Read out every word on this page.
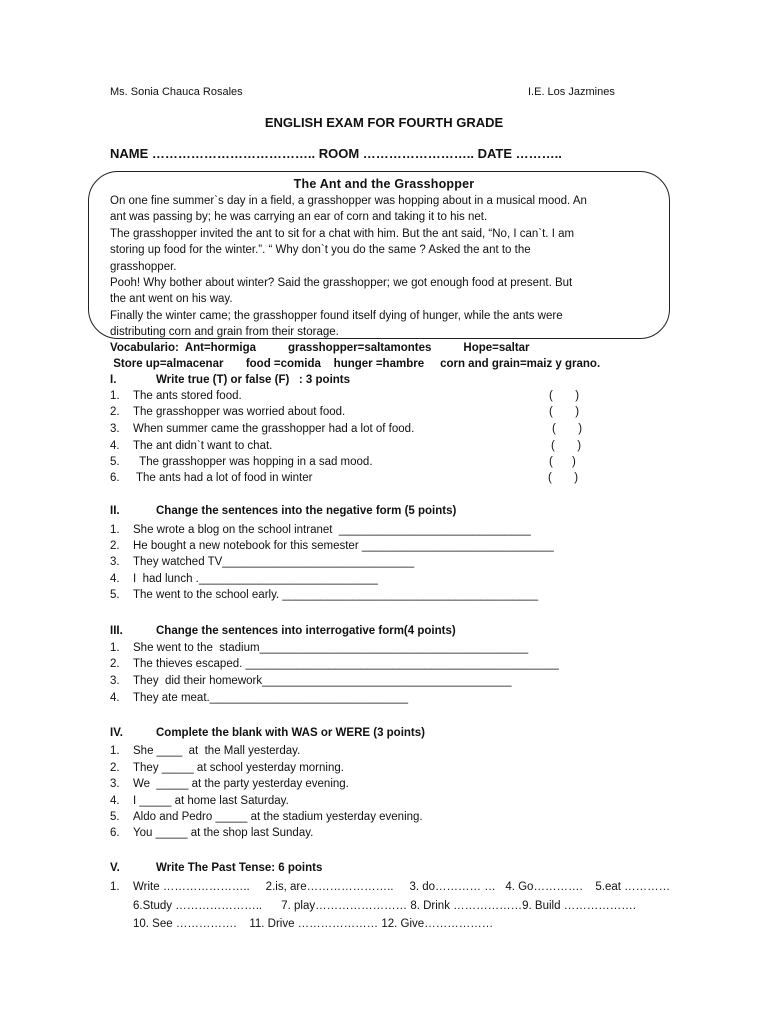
Ms. Sonia Chauca Rosales	I.E. Los Jazmines
ENGLISH EXAM FOR FOURTH GRADE
NAME ……………………………….. ROOM …………………….. DATE ………..
The Ant and the Grasshopper
On one fine summer`s day in a field, a grasshopper was hopping about in a musical mood. An
ant was passing by; he was carrying an ear of corn and taking it to his net.
The grasshopper invited the ant to sit for a chat with him. But the ant said, “No, I can`t. I am
storing up food for the winter.”. “ Why don`t you do the same ? Asked the ant to the
grasshopper.
Pooh! Why bother about winter? Said the grasshopper; we got enough food at present. But
the ant went on his way.
Finally the winter came; the grasshopper found itself dying of hunger, while the ants were
distributing corn and grain from their storage.
Vocabulario:  Ant=hormiga          grasshopper=saltamontes          Hope=saltar
Store up=almacenar       food =comida    hunger =hambre     corn and grain=maiz y grano.
I.	Write true (T) or false (F)   : 3 points
1. The ants stored food.	(       )
2. The grasshopper was worried about food.	(       )
3. When summer came the grasshopper had a lot of food.	(       )
4. The ant didn`t want to chat.	(       )
5. The grasshopper was hopping in a sad mood.	(      )
6. The ants had a lot of food in winter	(       )
II.	Change the sentences into the negative form (5 points)
1. She wrote a blog on the school intranet  ______________________________
2. He bought a new notebook for this semester ______________________________
3. They watched TV______________________________
4. I  had lunch .____________________________
5. The went to the school early. ________________________________________
III.	Change the sentences into interrogative form(4 points)
1. She went to the  stadium__________________________________________
2. The thieves escaped. _________________________________________________
3. They  did their homework_______________________________________
4. They ate meat._______________________________
IV.	Complete the blank with WAS or WERE (3 points)
1. She ____  at  the Mall yesterday.
2. They _____ at school yesterday morning.
3. We  _____ at the party yesterday evening.
4. I _____ at home last Saturday.
5. Aldo and Pedro _____ at the stadium yesterday evening.
6. You _____ at the shop last Sunday.
V.	Write The Past Tense: 6 points
1. Write …………………..     2.is, are…………………..     3. do………… …   4. Go………….    5.eat …………
6.Study …………………..      7. play…………………… 8. Drink ………………9. Build ……………….
10. See …………….    11. Drive ………………… 12. Give………………
